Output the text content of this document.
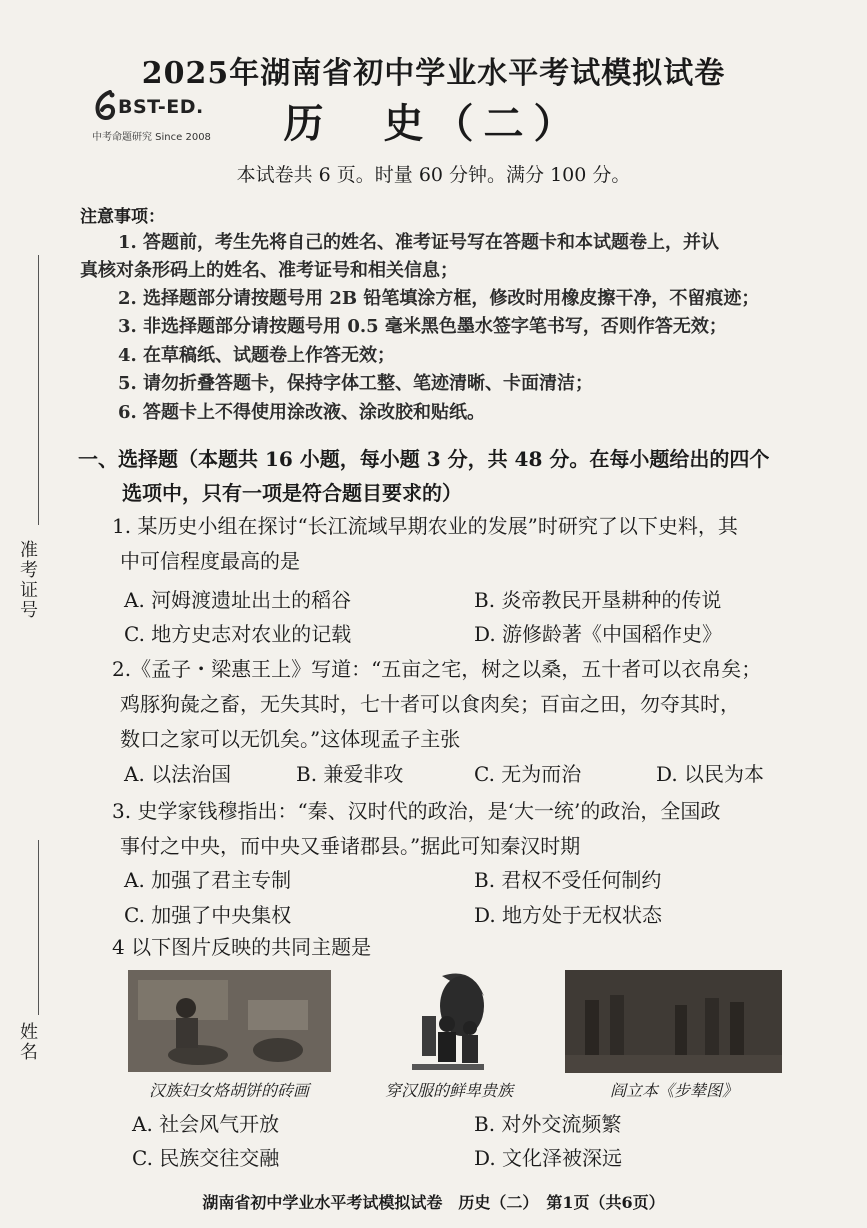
2025年湖南省初中学业水平考试模拟试卷
BST-ED.
中考命题研究 Since 2008	历　史（二）
本试卷共 6 页。时量 60 分钟。满分 100 分。
准考证号
姓名
注意事项：
1. 答题前，考生先将自己的姓名、准考证号写在答题卡和本试题卷上，并认
真核对条形码上的姓名、准考证号和相关信息；
2. 选择题部分请按题号用 2B 铅笔填涂方框，修改时用橡皮擦干净，不留痕迹；
3. 非选择题部分请按题号用 0.5 毫米黑色墨水签字笔书写，否则作答无效；
4. 在草稿纸、试题卷上作答无效；
5. 请勿折叠答题卡，保持字体工整、笔迹清晰、卡面清洁；
6. 答题卡上不得使用涂改液、涂改胶和贴纸。
一、选择题（本题共 16 小题，每小题 3 分，共 48 分。在每小题给出的四个
选项中，只有一项是符合题目要求的）
1. 某历史小组在探讨“长江流域早期农业的发展”时研究了以下史料，其
中可信程度最高的是
A. 河姆渡遗址出土的稻谷	B. 炎帝教民开垦耕种的传说
C. 地方史志对农业的记载	D. 游修龄著《中国稻作史》
2.《孟子・梁惠王上》写道：“五亩之宅，树之以桑，五十者可以衣帛矣；
鸡豚狗彘之畜，无失其时，七十者可以食肉矣；百亩之田，勿夺其时，
数口之家可以无饥矣。”这体现孟子主张
A. 以法治国	B. 兼爱非攻	C. 无为而治	D. 以民为本
3. 史学家钱穆指出：“秦、汉时代的政治，是‘大一统’的政治，全国政
事付之中央，而中央又垂诸郡县。”据此可知秦汉时期
A. 加强了君主专制	B. 君权不受任何制约
C. 加强了中央集权	D. 地方处于无权状态
4 以下图片反映的共同主题是
汉族妇女烙胡饼的砖画	穿汉服的鲜卑贵族	阎立本《步辇图》
A. 社会风气开放	B. 对外交流频繁
C. 民族交往交融	D. 文化泽被深远
湖南省初中学业水平考试模拟试卷　历史（二）　第1页（共6页）
